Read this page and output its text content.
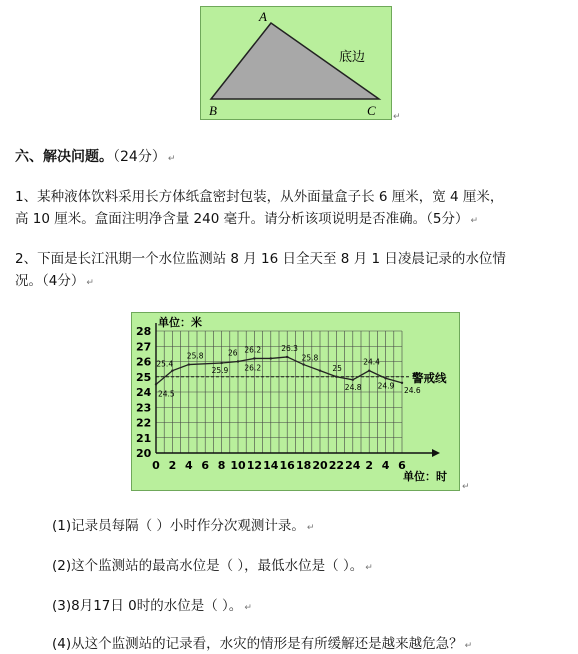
A
B	C
底边
↵
六、解决问题。（24分） ↵
1、某种液体饮料采用长方体纸盒密封包装，从外面量盒子长 6 厘米，宽 4 厘米，
高 10 厘米。盒面注明净含量 240 毫升。请分析该项说明是否准确。（5分） ↵
2、下面是长江汛期一个水位监测站 8 月 16 日全天至 8 月 1 日凌晨记录的水位情
况。（4分） ↵
20
21
22
23
24
25
26
27
28
0 2 4 6 8 10 12 14 16 18 20 22 24 2 4 6
24.5
25.4
25.8
25.9
26 26.2
26.2
26.3
25.8
25
24.8
24.4
24.9
24.6
单位：米
警戒线
单位：时
↵
(1)记录员每隔（ ）小时作分次观测计录。 ↵
(2)这个监测站的最高水位是（ ），最低水位是（ ）。 ↵
(3)8月17日 0时的水位是（ ）。 ↵
(4)从这个监测站的记录看，水灾的情形是有所缓解还是越来越危急？ ↵
